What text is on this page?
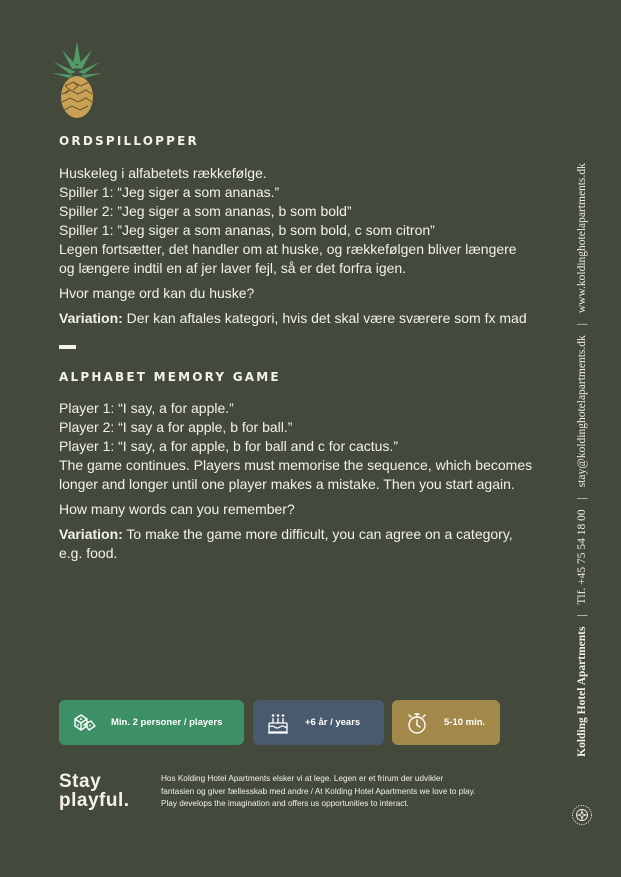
ORDSPILLOPPER

Huskeleg i alfabetets rækkefølge.

Spiller 1: “Jeg siger a som ananas.”

Spiller 2: ”Jeg siger a som ananas, b som bold”

Spiller 1: ”Jeg siger a som ananas, b som bold, c som citron”

Legen fortsætter, det handler om at huske, og rækkefølgen bliver længere

og længere indtil en af jer laver fejl, så er det forfra igen.

Hvor mange ord kan du huske?

Variation: Der kan aftales kategori, hvis det skal være sværere som fx mad

ALPHABET MEMORY GAME

Player 1: “I say, a for apple.”

Player 2: “I say a for apple, b for ball.”

Player 1: “I say, a for apple, b for ball and c for cactus.”

The game continues. Players must memorise the sequence, which becomes

longer and longer until one player makes a mistake. Then you start again.

How many words can you remember?

Variation: To make the game more difficult, you can agree on a category,
e.g. food.

Min. 2 personer / players	+6 år / years	5-10 min.
Stay
playful.
Hos Kolding Hotel Apartments elsker vi at lege. Legen er et frirum der udvikler
fantasien og giver fællesskab med andre / At Kolding Hotel Apartments we love to play.
Play develops the imagination and offers us opportunities to interact.
Kolding Hotel Apartments | Tlf. +45 75 54 18 00 | stay@koldinghotelapartments.dk | www.koldinghotelapartments.dk
